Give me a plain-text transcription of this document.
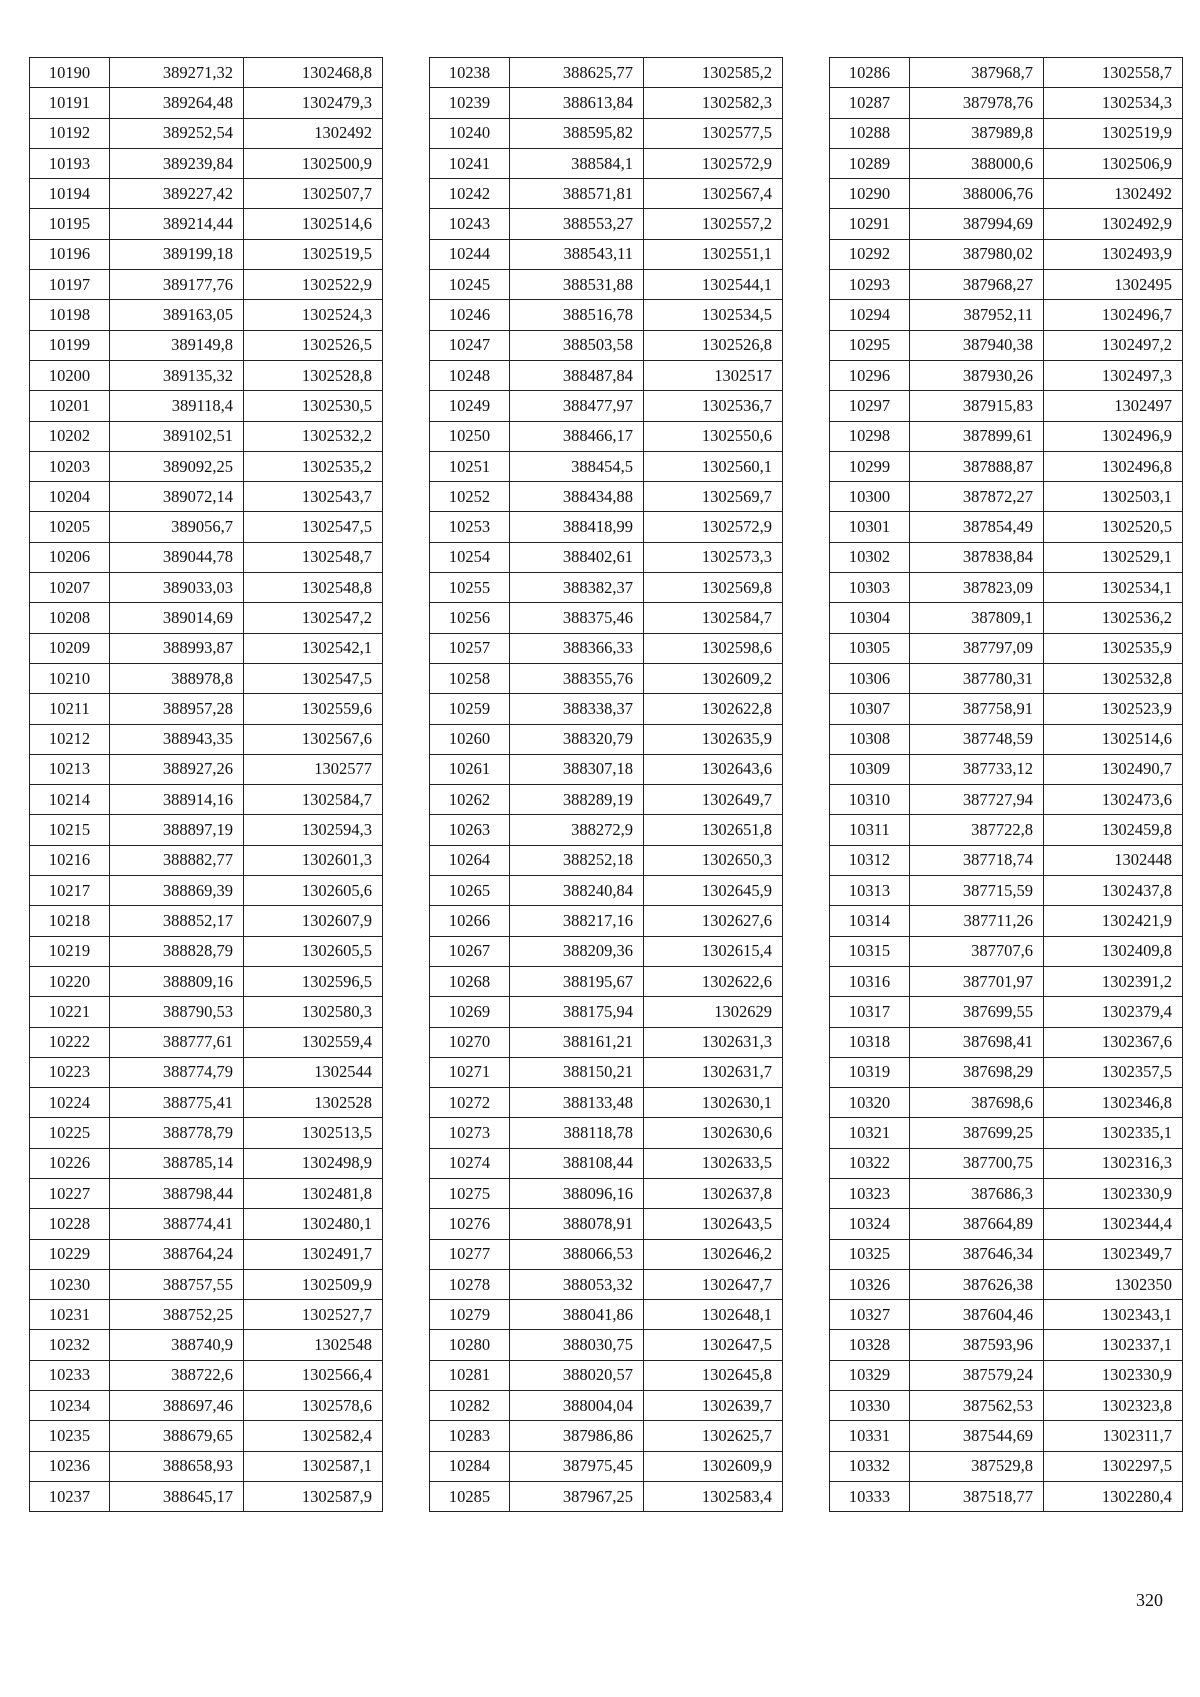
10190	389271,32	1302468,8
10191	389264,48	1302479,3
10192	389252,54	1302492
10193	389239,84	1302500,9
10194	389227,42	1302507,7
10195	389214,44	1302514,6
10196	389199,18	1302519,5
10197	389177,76	1302522,9
10198	389163,05	1302524,3
10199	389149,8	1302526,5
10200	389135,32	1302528,8
10201	389118,4	1302530,5
10202	389102,51	1302532,2
10203	389092,25	1302535,2
10204	389072,14	1302543,7
10205	389056,7	1302547,5
10206	389044,78	1302548,7
10207	389033,03	1302548,8
10208	389014,69	1302547,2
10209	388993,87	1302542,1
10210	388978,8	1302547,5
10211	388957,28	1302559,6
10212	388943,35	1302567,6
10213	388927,26	1302577
10214	388914,16	1302584,7
10215	388897,19	1302594,3
10216	388882,77	1302601,3
10217	388869,39	1302605,6
10218	388852,17	1302607,9
10219	388828,79	1302605,5
10220	388809,16	1302596,5
10221	388790,53	1302580,3
10222	388777,61	1302559,4
10223	388774,79	1302544
10224	388775,41	1302528
10225	388778,79	1302513,5
10226	388785,14	1302498,9
10227	388798,44	1302481,8
10228	388774,41	1302480,1
10229	388764,24	1302491,7
10230	388757,55	1302509,9
10231	388752,25	1302527,7
10232	388740,9	1302548
10233	388722,6	1302566,4
10234	388697,46	1302578,6
10235	388679,65	1302582,4
10236	388658,93	1302587,1
10237	388645,17	1302587,9
10238	388625,77	1302585,2
10239	388613,84	1302582,3
10240	388595,82	1302577,5
10241	388584,1	1302572,9
10242	388571,81	1302567,4
10243	388553,27	1302557,2
10244	388543,11	1302551,1
10245	388531,88	1302544,1
10246	388516,78	1302534,5
10247	388503,58	1302526,8
10248	388487,84	1302517
10249	388477,97	1302536,7
10250	388466,17	1302550,6
10251	388454,5	1302560,1
10252	388434,88	1302569,7
10253	388418,99	1302572,9
10254	388402,61	1302573,3
10255	388382,37	1302569,8
10256	388375,46	1302584,7
10257	388366,33	1302598,6
10258	388355,76	1302609,2
10259	388338,37	1302622,8
10260	388320,79	1302635,9
10261	388307,18	1302643,6
10262	388289,19	1302649,7
10263	388272,9	1302651,8
10264	388252,18	1302650,3
10265	388240,84	1302645,9
10266	388217,16	1302627,6
10267	388209,36	1302615,4
10268	388195,67	1302622,6
10269	388175,94	1302629
10270	388161,21	1302631,3
10271	388150,21	1302631,7
10272	388133,48	1302630,1
10273	388118,78	1302630,6
10274	388108,44	1302633,5
10275	388096,16	1302637,8
10276	388078,91	1302643,5
10277	388066,53	1302646,2
10278	388053,32	1302647,7
10279	388041,86	1302648,1
10280	388030,75	1302647,5
10281	388020,57	1302645,8
10282	388004,04	1302639,7
10283	387986,86	1302625,7
10284	387975,45	1302609,9
10285	387967,25	1302583,4
10286	387968,7	1302558,7
10287	387978,76	1302534,3
10288	387989,8	1302519,9
10289	388000,6	1302506,9
10290	388006,76	1302492
10291	387994,69	1302492,9
10292	387980,02	1302493,9
10293	387968,27	1302495
10294	387952,11	1302496,7
10295	387940,38	1302497,2
10296	387930,26	1302497,3
10297	387915,83	1302497
10298	387899,61	1302496,9
10299	387888,87	1302496,8
10300	387872,27	1302503,1
10301	387854,49	1302520,5
10302	387838,84	1302529,1
10303	387823,09	1302534,1
10304	387809,1	1302536,2
10305	387797,09	1302535,9
10306	387780,31	1302532,8
10307	387758,91	1302523,9
10308	387748,59	1302514,6
10309	387733,12	1302490,7
10310	387727,94	1302473,6
10311	387722,8	1302459,8
10312	387718,74	1302448
10313	387715,59	1302437,8
10314	387711,26	1302421,9
10315	387707,6	1302409,8
10316	387701,97	1302391,2
10317	387699,55	1302379,4
10318	387698,41	1302367,6
10319	387698,29	1302357,5
10320	387698,6	1302346,8
10321	387699,25	1302335,1
10322	387700,75	1302316,3
10323	387686,3	1302330,9
10324	387664,89	1302344,4
10325	387646,34	1302349,7
10326	387626,38	1302350
10327	387604,46	1302343,1
10328	387593,96	1302337,1
10329	387579,24	1302330,9
10330	387562,53	1302323,8
10331	387544,69	1302311,7
10332	387529,8	1302297,5
10333	387518,77	1302280,4
320
